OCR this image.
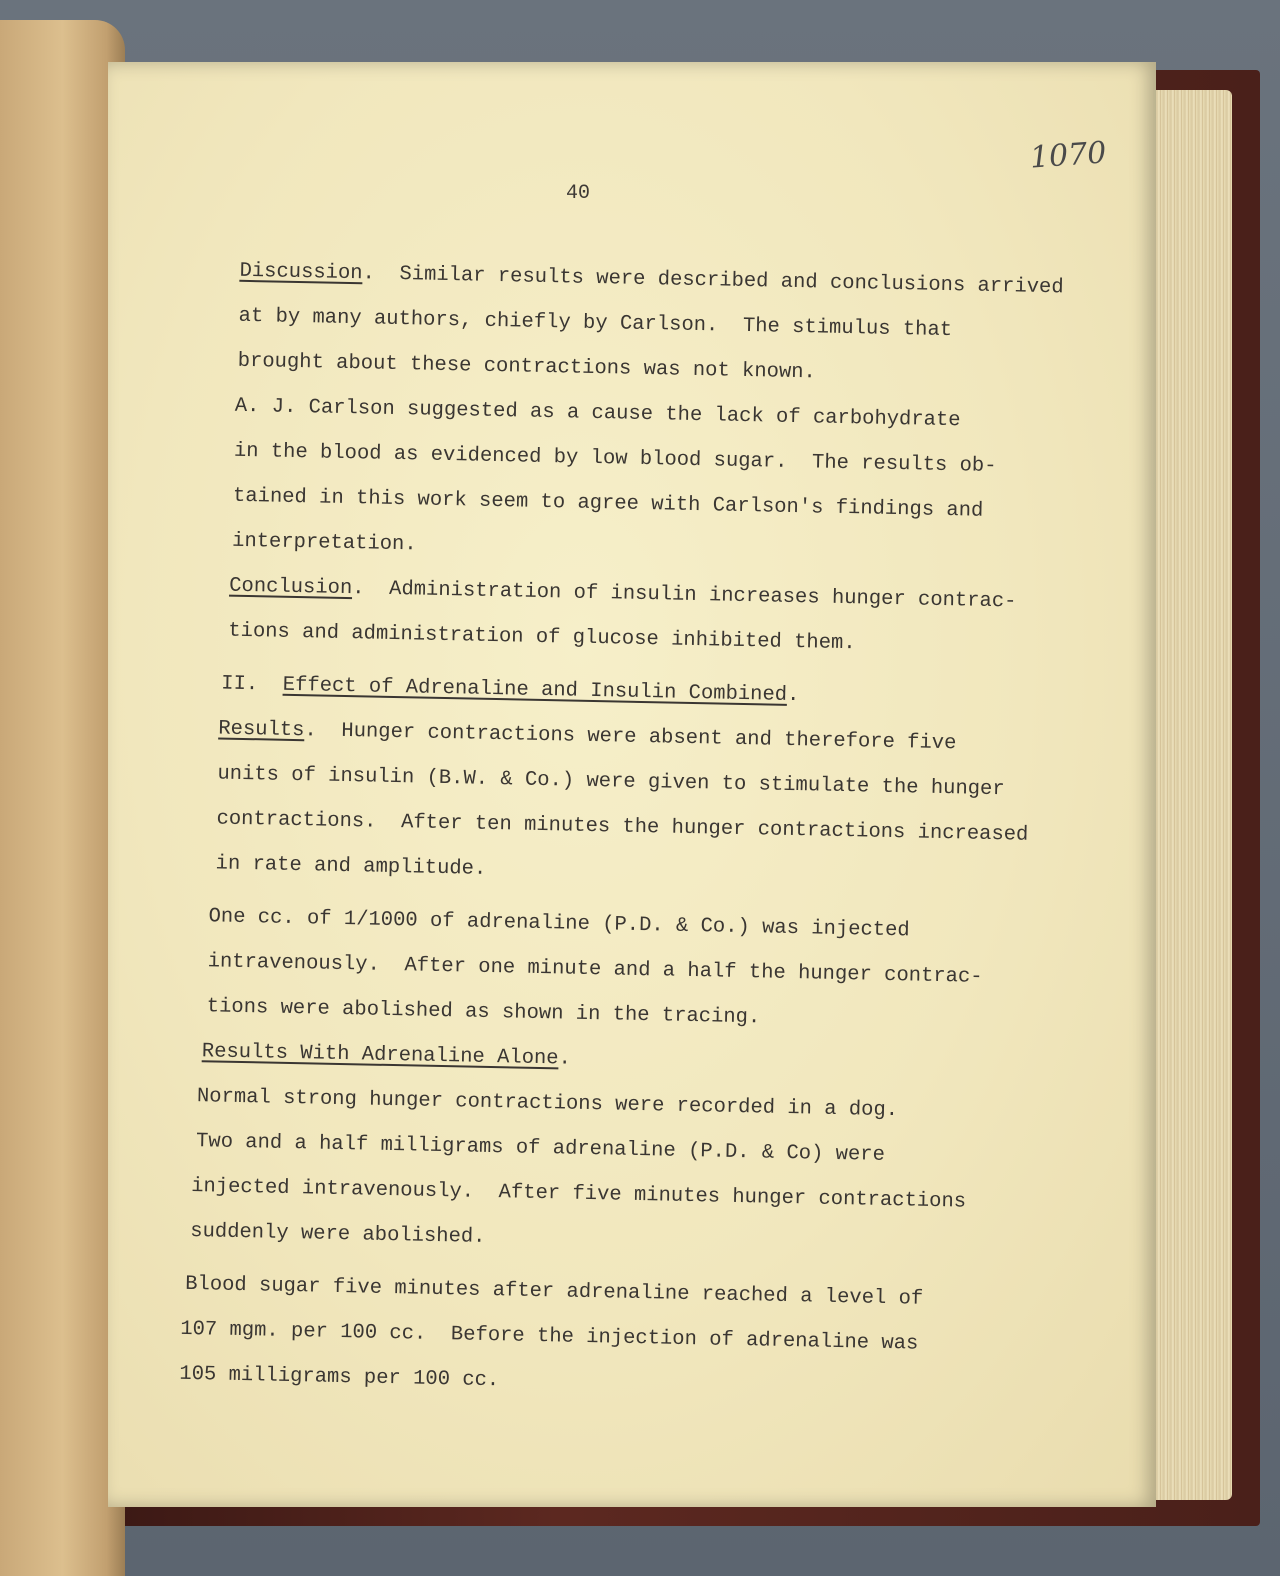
1070
40
Discussion.  Similar results were described and conclusions arrived
at by many authors, chiefly by Carlson.  The stimulus that
brought about these contractions was not known.
A. J. Carlson suggested as a cause the lack of carbohydrate
in the blood as evidenced by low blood sugar.  The results ob-
tained in this work seem to agree with Carlson's findings and
interpretation.
Conclusion.  Administration of insulin increases hunger contrac-
tions and administration of glucose inhibited them.
II.  Effect of Adrenaline and Insulin Combined.
Results.  Hunger contractions were absent and therefore five
units of insulin (B.W. & Co.) were given to stimulate the hunger
contractions.  After ten minutes the hunger contractions increased
in rate and amplitude.
One cc. of 1/1000 of adrenaline (P.D. & Co.) was injected
intravenously.  After one minute and a half the hunger contrac-
tions were abolished as shown in the tracing.
Results With Adrenaline Alone.
Normal strong hunger contractions were recorded in a dog.
Two and a half milligrams of adrenaline (P.D. & Co) were
injected intravenously.  After five minutes hunger contractions
suddenly were abolished.
Blood sugar five minutes after adrenaline reached a level of
107 mgm. per 100 cc.  Before the injection of adrenaline was
105 milligrams per 100 cc.
